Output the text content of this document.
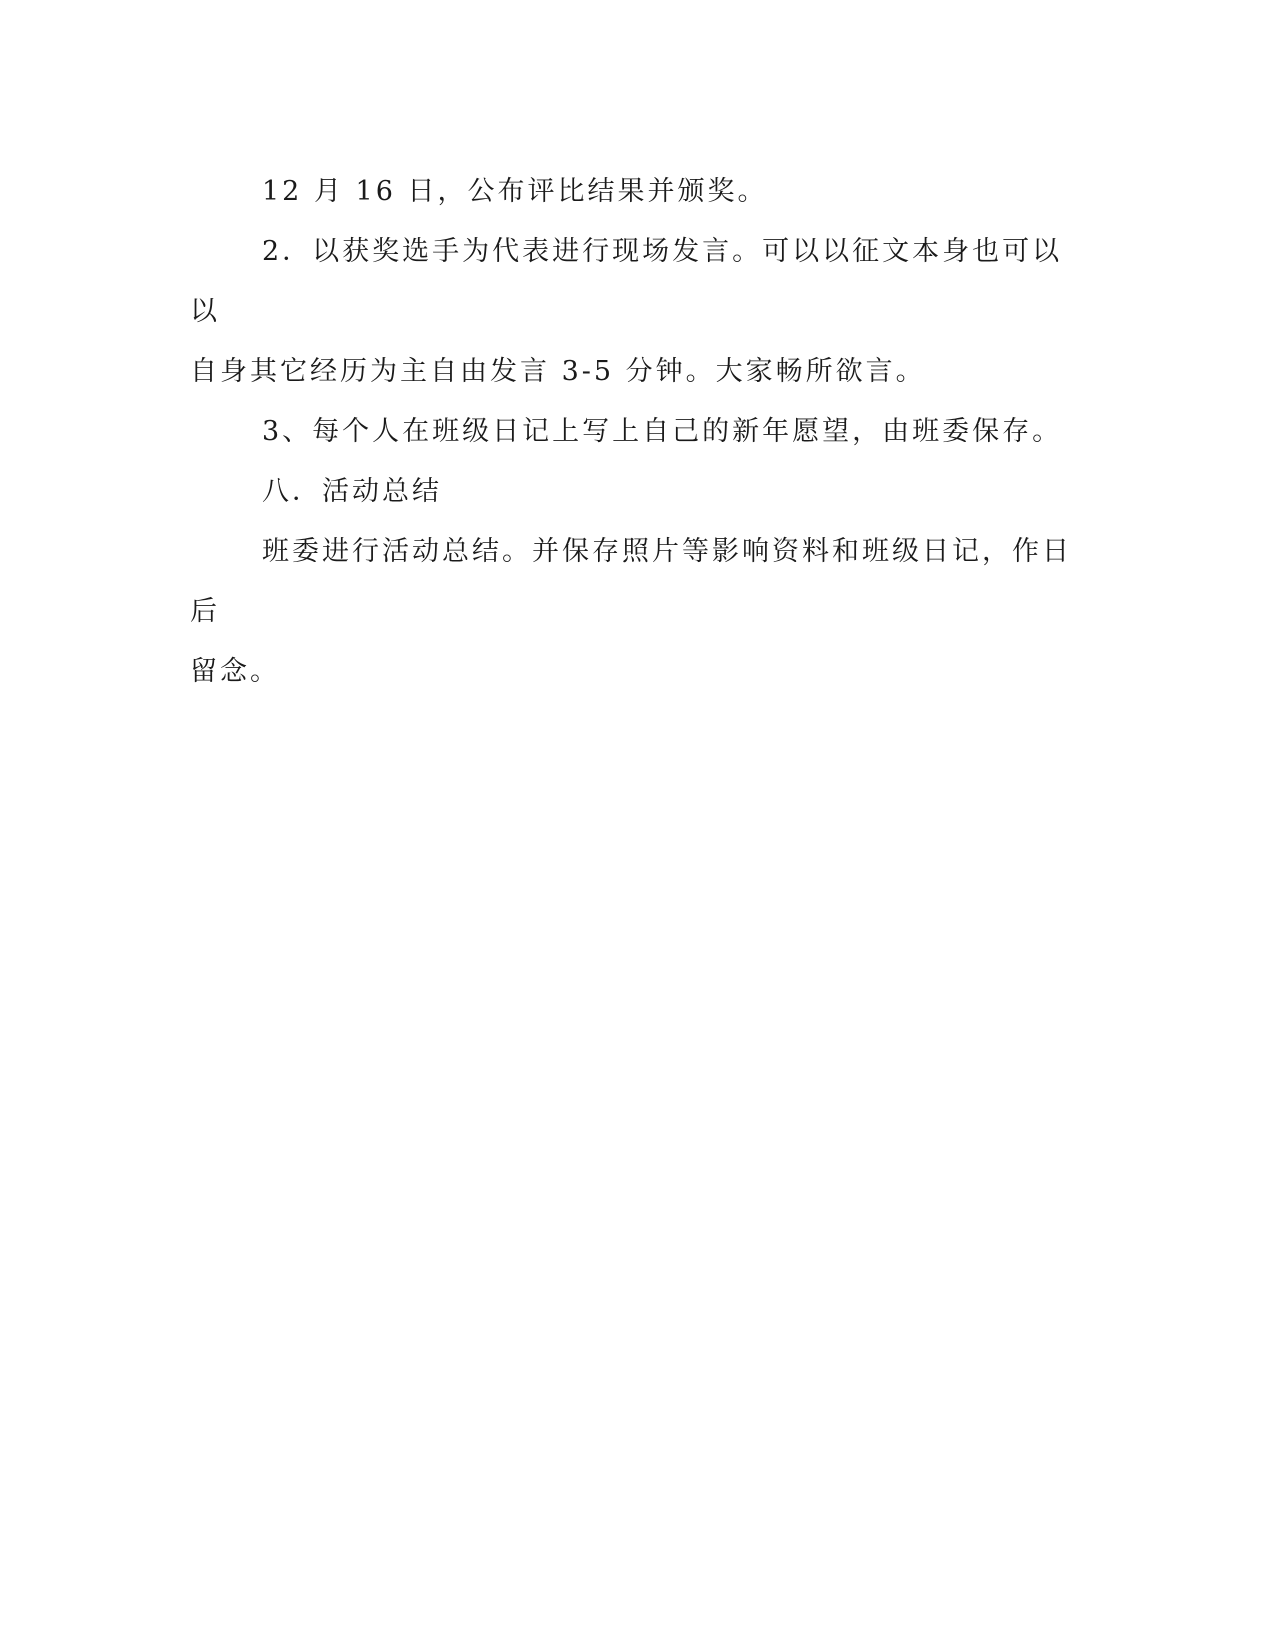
12 月 16 日，公布评比结果并颁奖。

2．以获奖选手为代表进行现场发言。可以以征文本身也可以以
自身其它经历为主自由发言 3-5 分钟。大家畅所欲言。

3、每个人在班级日记上写上自己的新年愿望，由班委保存。

八．活动总结

班委进行活动总结。并保存照片等影响资料和班级日记，作日后
留念。
